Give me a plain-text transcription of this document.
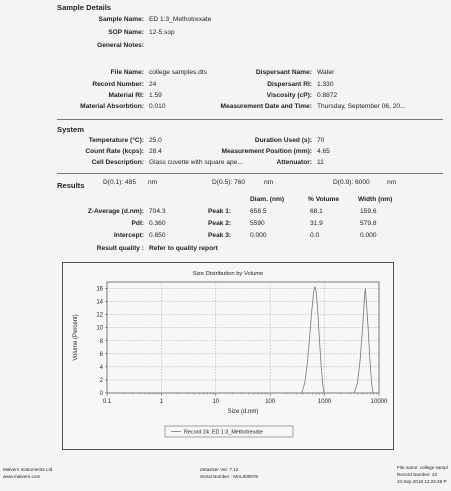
Sample Details
Sample Name: ED 1:3_Methotrexate
SOP Name: 12-5.sop
General Notes:
File Name: college samples.dts
Record Number: 24
Material RI: 1.59
Material Absorbtion: 0.010
Dispersant Name: Water
Dispersant RI: 1.330
Viscosity (cP): 0.8872
Measurement Date and Time: Thursday, September 06, 20...
System
Temperature (°C): 25.0
Count Rate (kcps): 28.4
Cell Description: Glass cuvette with square ape...
Duration Used (s): 70
Measurement Position (mm): 4.65
Attenuator: 11
Results	D(0.1): 485 nm	D(0.5): 760	nm	D(0.9): 6000	nm
Diam. (nm)	% Volume	Width (nm)
Z-Average (d.nm): 704.3
PdI: 0.360
Intercept: 0.850
Result quality : Refer to quality report
Peak 1:	658.5	68.1	159.6
Peak 2:	5590	31.9	579.8
Peak 3:	0.000	0.0	0.000
Size Distribution by Volume
0
2
4
6
8
10
12
14
16
0.1	1	10	100	1000	10000
Size (d.nm)
Volume (Percent)
Record 24: ED 1:3_Methotrexate
Malvern Instruments Ltd
www.malvern.com
Zetasizer Ver. 7.12
Serial Number : MAL500978
File name: college sampl
Record Number: 24
24 Sep 2018 12:22:48 P
